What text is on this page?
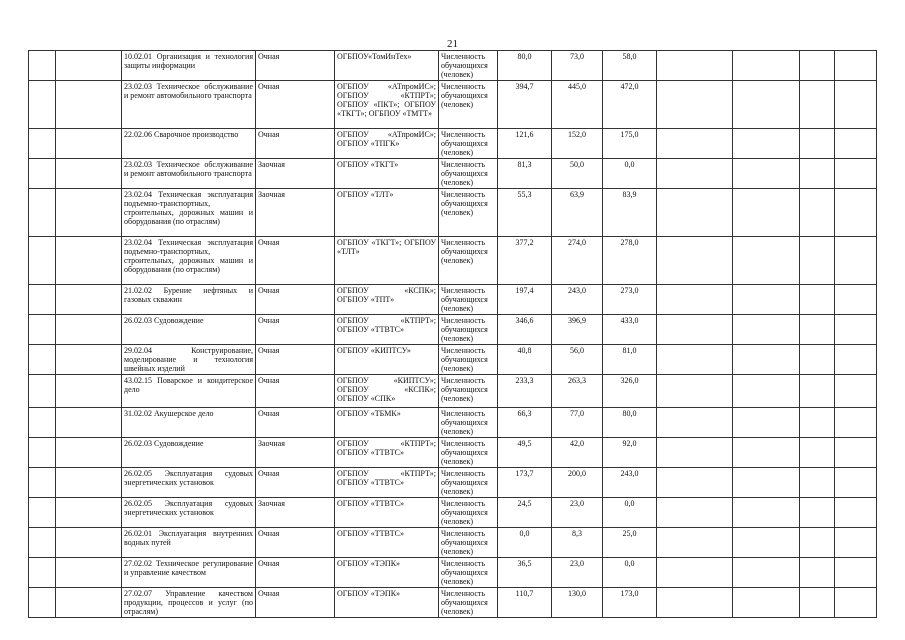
21
		10.02.01 Организация и технология защиты информации	Очная	ОГБПОУ«ТомИнТех»	Численность обучающихся (человек)	80,0	73,0	58,0				
		23.02.03 Техническое обслуживание и ремонт автомобильного транспорта	Очная	ОГБПОУ «АТпромИС»; ОГБПОУ «КТПРТ»; ОГБПОУ «ПКТ»; ОГБПОУ «ТКГТ»; ОГБПОУ «ТМТТ»	Численность обучающихся (человек)	394,7	445,0	472,0				
		22.02.06 Сварочное производство	Очная	ОГБПОУ «АТпромИС»; ОГБПОУ «ТПГК»	Численность обучающихся (человек)	121,6	152,0	175,0				
		23.02.03 Техническое обслуживание и ремонт автомобильного транспорта	Заочная	ОГБПОУ «ТКГТ»	Численность обучающихся (человек)	81,3	50,0	0,0				
		23.02.04 Техническая эксплуатация подъемно-транспортных, строительных, дорожных машин и оборудования (по отраслям)	Заочная	ОГБПОУ «ТЛТ»	Численность обучающихся (человек)	55,3	63,9	83,9				
		23.02.04 Техническая эксплуатация подъемно-транспортных, строительных, дорожных машин и оборудования (по отраслям)	Очная	ОГБПОУ «ТКГТ»; ОГБПОУ «ТЛТ»	Численность обучающихся (человек)	377,2	274,0	278,0				
		21.02.02 Бурение нефтяных и газовых скважин	Очная	ОГБПОУ «КСПК»; ОГБПОУ «ТПТ»	Численность обучающихся (человек)	197,4	243,0	273,0				
		26.02.03 Судовождение	Очная	ОГБПОУ «КТПРТ»; ОГБПОУ «ТТВТС»	Численность обучающихся (человек)	346,6	396,9	433,0				
		29.02.04 Конструирование, моделирование и технология швейных изделий	Очная	ОГБПОУ «КИПТСУ»	Численность обучающихся (человек)	40,8	56,0	81,0				
		43.02.15 Поварское и кондитерское дело	Очная	ОГБПОУ «КИПТСУ»; ОГБПОУ «КСПК»; ОГБПОУ «СПК»	Численность обучающихся (человек)	233,3	263,3	326,0				
		31.02.02 Акушерское дело	Очная	ОГБПОУ «ТБМК»	Численность обучающихся (человек)	66,3	77,0	80,0				
		26.02.03 Судовождение	Заочная	ОГБПОУ «КТПРТ»; ОГБПОУ «ТТВТС»	Численность обучающихся (человек)	49,5	42,0	92,0				
		26.02.05 Эксплуатация судовых энергетических установок	Очная	ОГБПОУ «КТПРТ»; ОГБПОУ «ТТВТС»	Численность обучающихся (человек)	173,7	200,0	243,0				
		26.02.05 Эксплуатация судовых энергетических установок	Заочная	ОГБПОУ «ТТВТС»	Численность обучающихся (человек)	24,5	23,0	0,0				
		26.02.01 Эксплуатация внутренних водных путей	Очная	ОГБПОУ «ТТВТС»	Численность обучающихся (человек)	0,0	8,3	25,0				
		27.02.02 Техническое регулирование и управление качеством	Очная	ОГБПОУ «ТЭПК»	Численность обучающихся (человек)	36,5	23,0	0,0				
		27.02.07 Управление качеством продукции, процессов и услуг (по отраслям)	Очная	ОГБПОУ «ТЭПК»	Численность обучающихся (человек)	110,7	130,0	173,0				
